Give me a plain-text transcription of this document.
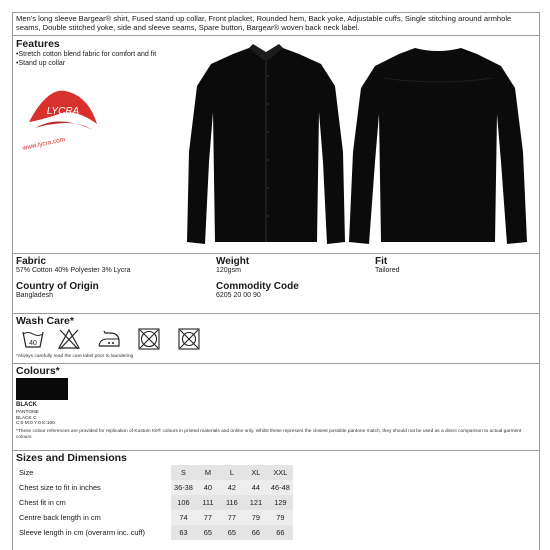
Men's long sleeve Bargear® shirt, Fused stand up collar, Front placket, Rounded hem, Back yoke, Adjustable cuffs, Single stitching around armhole seams, Double stitched yoke, side and sleeve seams, Spare button, Bargear® woven back neck label.
Features
• Stretch cotton blend fabric for comfort and fit
• Stand up collar
LYCRA
www.lycra.com
Fabric
57% Cotton 40% Polyester 3% Lycra
Weight
120gsm
Fit
Tailored
Country of Origin
Bangladesh
Commodity Code
6205 20 00 90
Wash Care*
40
*Always carefully read the care label prior to laundering
Colours*
BLACK
PANTONE
BLACK C
C:0 M:0 Y:0 K:100
*These colour references are provided for replication of Kustom Kit® colours in printed materials and online only. Whilst these represent the closest possible pantone match, they should not be used as a direct comparison to actual garment colours
Sizes and Dimensions
Size	S	M	L	XL	XXL
Chest size to fit in inches	36-38	40	42	44	46-48
Chest fit in cm	106	111	116	121	129
Centre back length in cm	74	77	77	79	79
Sleeve length in cm (overarm inc. cuff)	63	65	65	66	66
